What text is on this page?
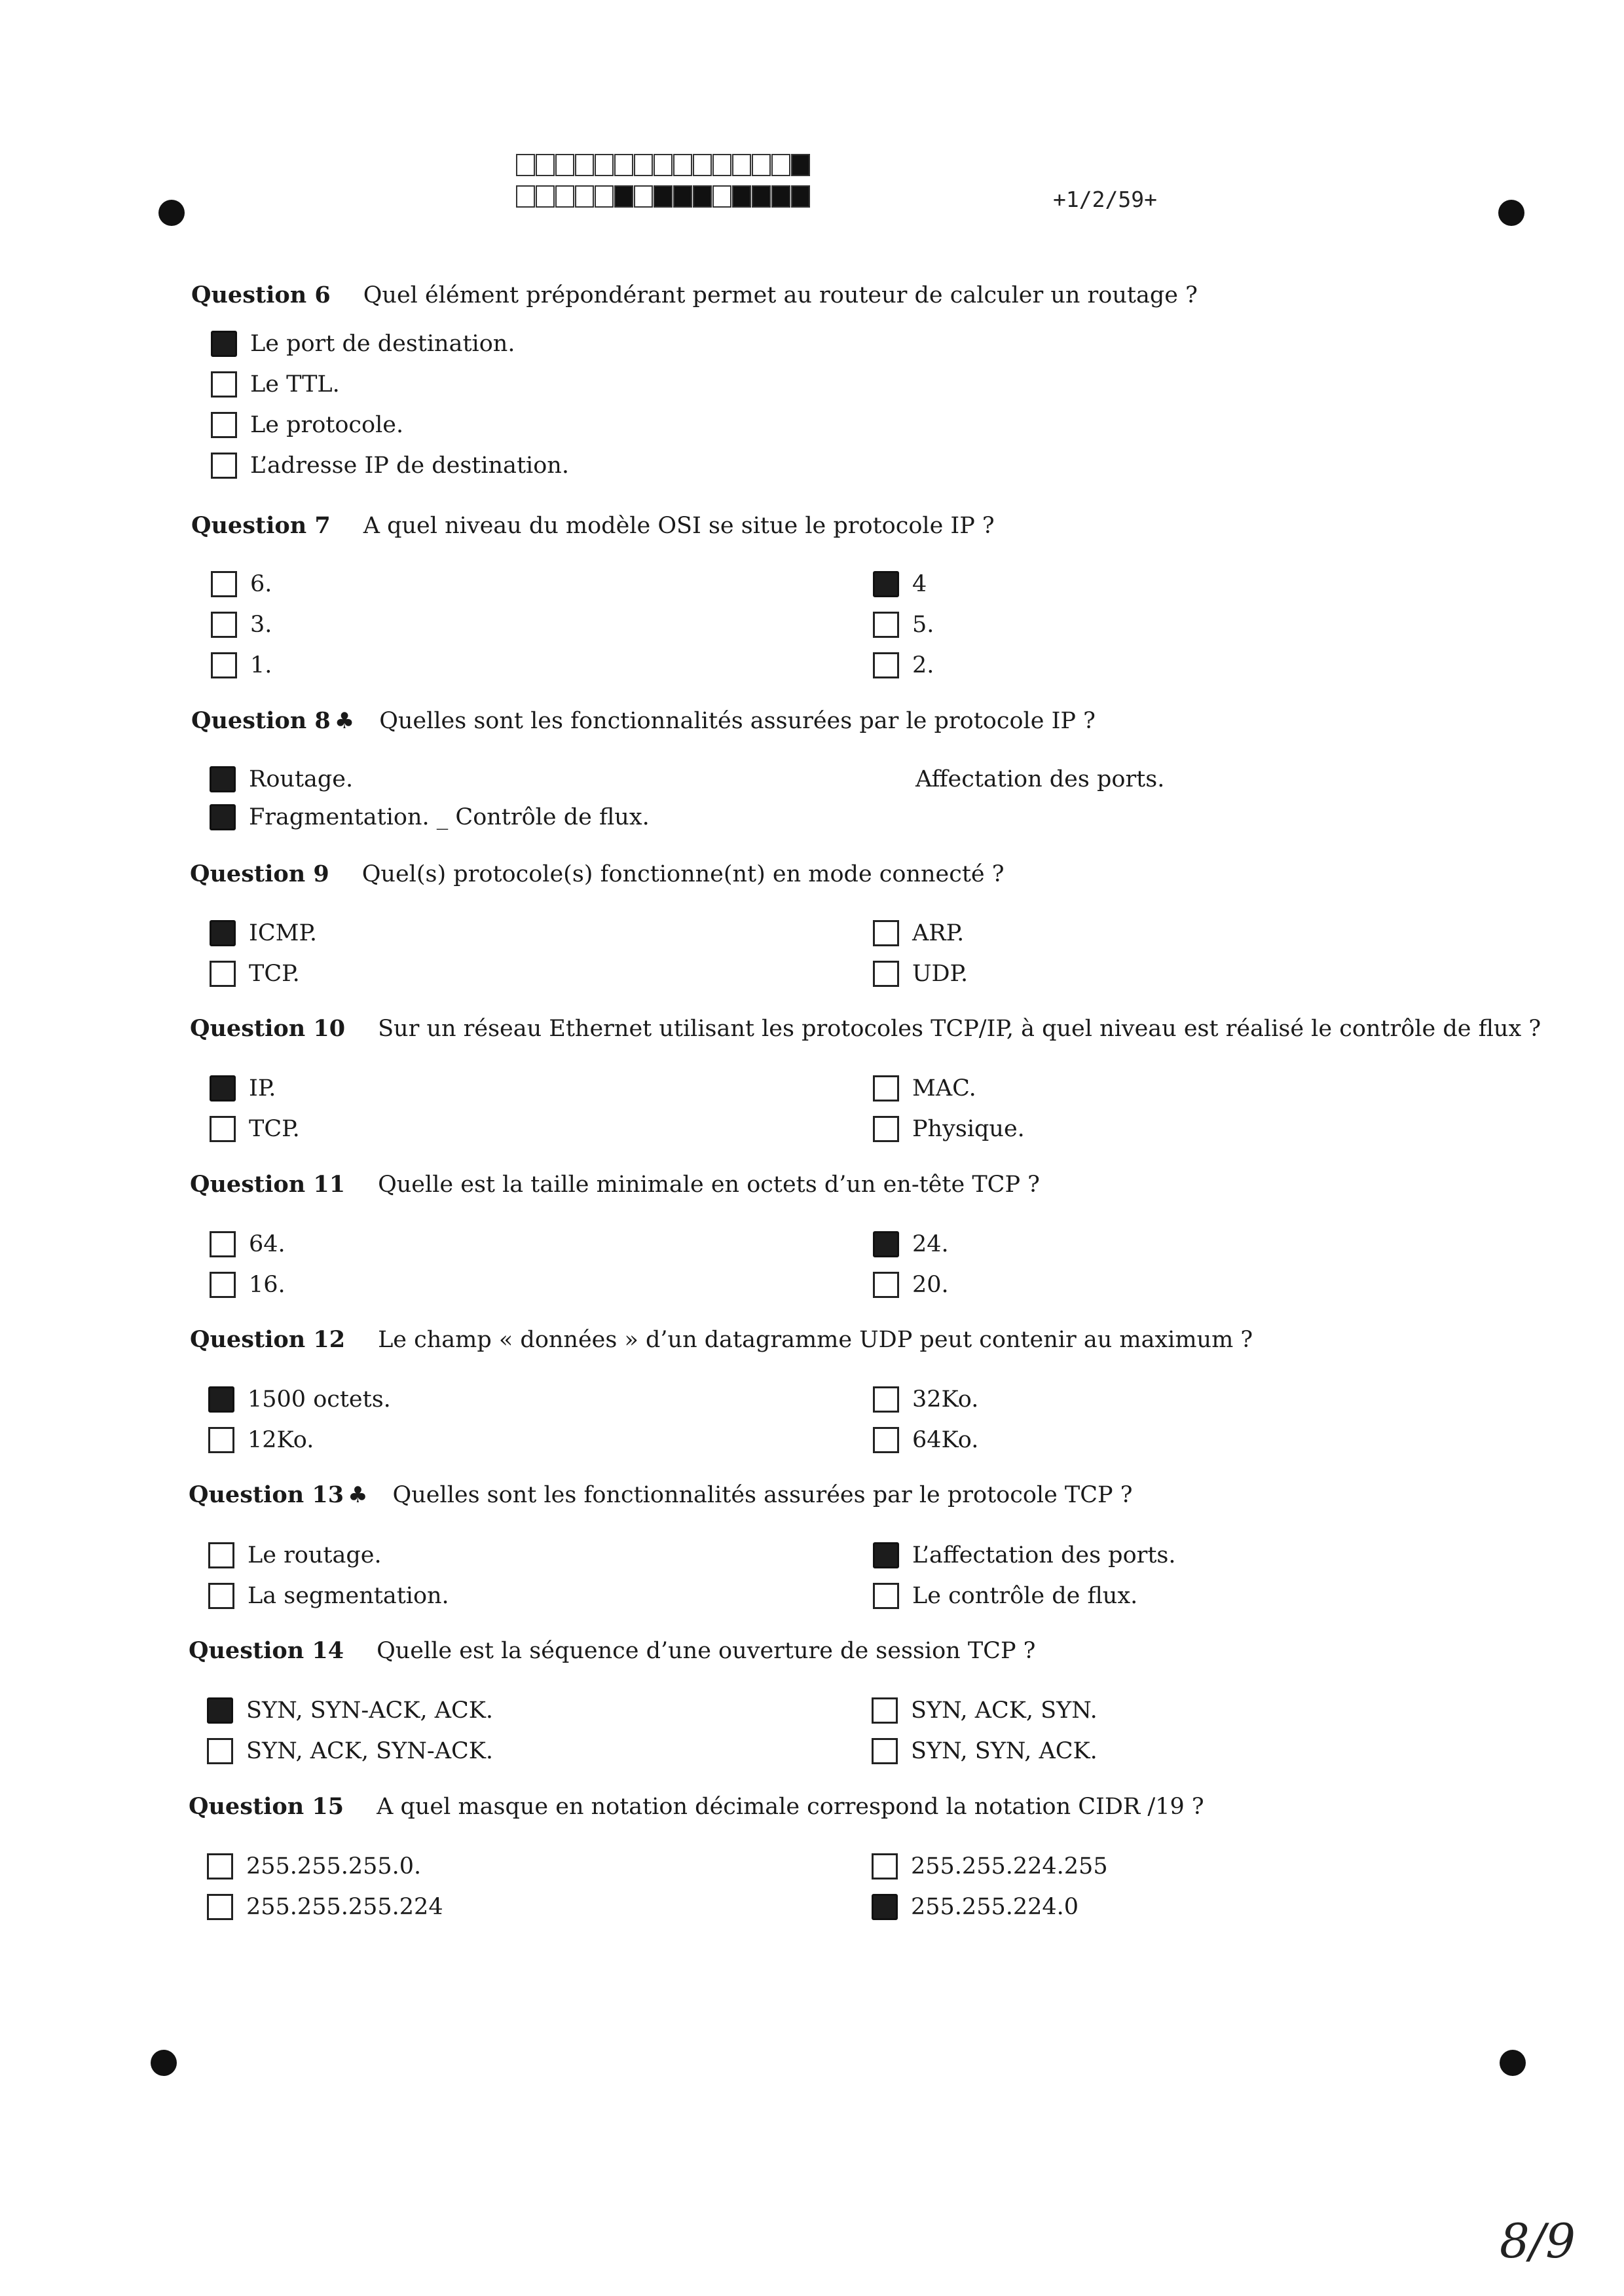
+1/2/59+
Question 6 Quel élément prépondérant permet au routeur de calculer un routage ?
Le port de destination.
Le TTL.
Le protocole.
L’adresse IP de destination.
Question 7 A quel niveau du modèle OSI se situe le protocole IP ?
6.
3.
1.
4
5.
2.
Question 8 ♣ Quelles sont les fonctionnalités assurées par le protocole IP ?
Routage.
Fragmentation. _ Contrôle de flux.
Affectation des ports.
Question 9 Quel(s) protocole(s) fonctionne(nt) en mode connecté ?
ICMP.
TCP.
ARP.
UDP.
Question 10 Sur un réseau Ethernet utilisant les protocoles TCP/IP, à quel niveau est réalisé le contrôle de flux ?
IP.
TCP.
MAC.
Physique.
Question 11 Quelle est la taille minimale en octets d’un en-tête TCP ?
64.
16.
24.
20.
Question 12 Le champ « données » d’un datagramme UDP peut contenir au maximum ?
1500 octets.
12Ko.
32Ko.
64Ko.
Question 13 ♣ Quelles sont les fonctionnalités assurées par le protocole TCP ?
Le routage.
La segmentation.
L’affectation des ports.
Le contrôle de flux.
Question 14 Quelle est la séquence d’une ouverture de session TCP ?
SYN, SYN-ACK, ACK.
SYN, ACK, SYN-ACK.
SYN, ACK, SYN.
SYN, SYN, ACK.
Question 15 A quel masque en notation décimale correspond la notation CIDR /19 ?
255.255.255.0.
255.255.255.224
255.255.224.255
255.255.224.0
8/9
